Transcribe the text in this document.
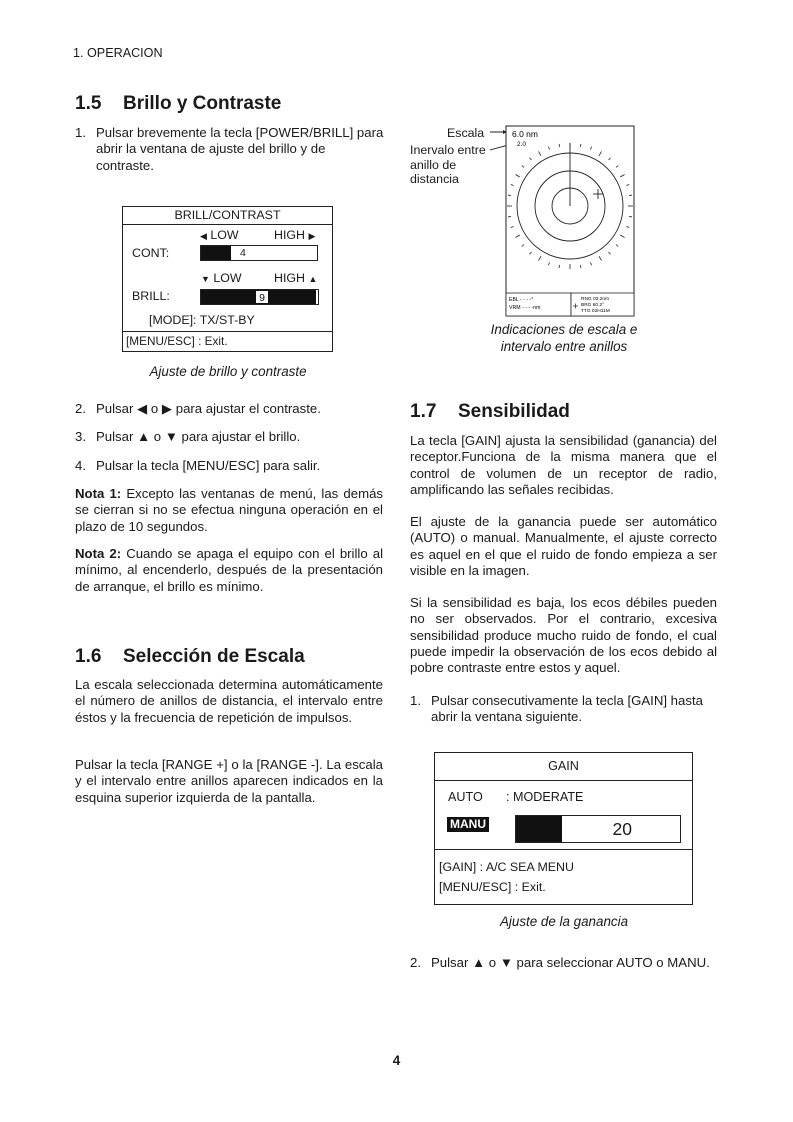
1. OPERACION
1.5 Brillo y Contraste
1. Pulsar brevemente la tecla [POWER/BRILL] para abrir la ventana de ajuste del brillo y de contraste.
BRILL/CONTRAST
◀ LOW	HIGH ▶
CONT:	4
▼ LOW	HIGH ▲
BRILL:	9
[MODE]: TX/ST-BY
[MENU/ESC] : Exit.
Ajuste de brillo y contraste
2. Pulsar ◀ o ▶ para ajustar el contraste.
3. Pulsar ▲ o ▼ para ajustar el brillo.
4. Pulsar la tecla [MENU/ESC] para salir.

Nota 1: Excepto las ventanas de menú, las demás se cierran si no se efectua ninguna operación en el plazo de 10 segundos.

Nota 2: Cuando se apaga el equipo con el brillo al mínimo, al encenderlo, después de la presentación de arranque, el brillo es mínimo.

1.6 Selección de Escala

La escala seleccionada determina automáticamente el número de anillos de distancia, el intervalo entre éstos y la frecuencia de repetición de impulsos.

Pulsar la tecla [RANGE +] o la [RANGE -]. La escala y el intervalo entre anillos aparecen indicados en la esquina superior izquierda de la pantalla.

Escala
Inervalo entre
anillo de
distancia
6.0 nm
2.0
EBL - - - -°
VRM - - - -nm
RNG 03.2nm
BRG 60.2°
TTG 02H11M
Indicaciones de escala e
intervalo entre anillos
1.7 Sensibilidad

La tecla [GAIN] ajusta la sensibilidad (ganancia) del receptor.Funciona de la misma manera que el control de volumen de un receptor de radio, amplificando las señales recibidas.

El ajuste de la ganancia puede ser automático (AUTO) o manual. Manualmente, el ajuste correcto es aquel en el que el ruido de fondo empieza a ser visible en la imagen.

Si la sensibilidad es baja, los ecos débiles pueden no ser observados. Por el contrario, excesiva sensibilidad produce mucho ruido de fondo, el cual puede impedir la observación de los ecos debido al pobre contraste entre estos y aquel.

1. Pulsar consecutivamente la tecla [GAIN] hasta abrir la ventana siguiente.
GAIN
AUTO : MODERATE
MANU	20
[GAIN] : A/C SEA MENU
[MENU/ESC] : Exit.
Ajuste de la ganancia
2. Pulsar ▲ o ▼ para seleccionar AUTO o MANU.
4
